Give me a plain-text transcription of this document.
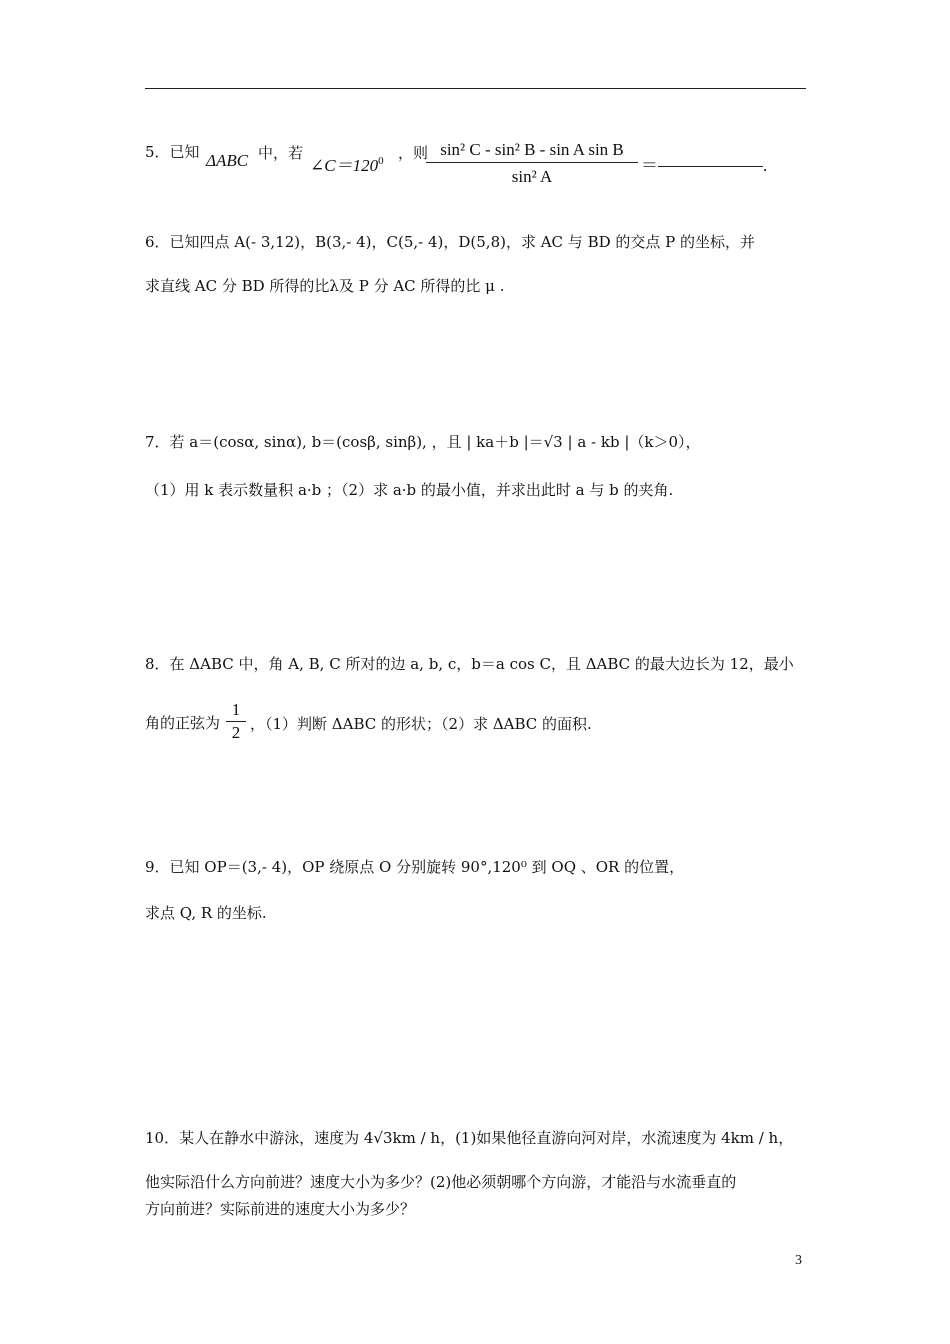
5．已知 ΔABC 中，若
$\angle C=120^0$ ，则
$\frac{\text{sin² C - sin² B - sin A sin B}}{\text{sin² A}}$ ＝	.
6．已知四点 A(- 3,12)，B(3,- 4)，C(5,- 4)，D(5,8)，求 AC 与 BD 的交点 P 的坐标，并
求直线 AC 分 BD 所得的比λ及 P 分 AC 所得的比 μ .
7．若 a＝(cosα, sinα), b＝(cosβ, sinβ), ，且 | ka＋b |＝√3 | a - kb |（k＞0），
（1）用 k 表示数量积 a·b ；（2）求 a·b 的最小值，并求出此时 a 与 b 的夹角.
8．在 ΔABC 中，角 A, B, C 所对的边 a, b, c，b＝a cos C，且 ΔABC 的最大边长为 12，最小
角的正弦为 $\frac{1}{2}$ ，（1）判断 ΔABC 的形状；（2）求 ΔABC 的面积.
9．已知 OP＝(3,- 4)，OP 绕原点 O 分别旋转 90°,120⁰ 到 OQ 、OR 的位置，
求点 Q, R 的坐标.
10．某人在静水中游泳，速度为 4√3km / h，(1)如果他径直游向河对岸，水流速度为 4km / h，
他实际沿什么方向前进？速度大小为多少？(2)他必须朝哪个方向游，才能沿与水流垂直的
方向前进？实际前进的速度大小为多少？
3
